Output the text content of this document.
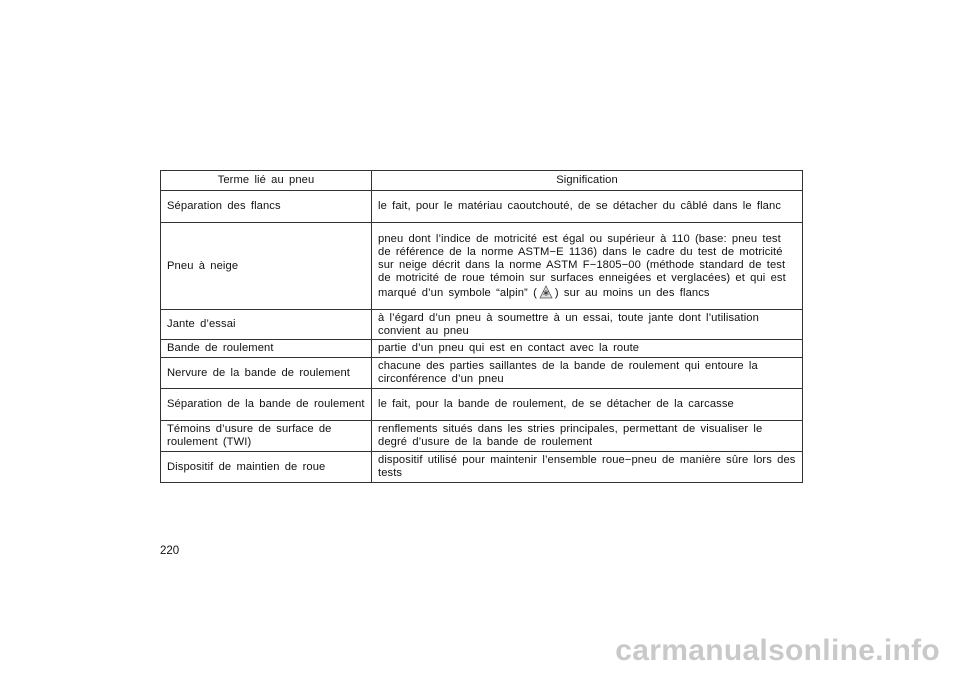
Terme lié au pneu	Signification
Séparation des flancs	le fait, pour le matériau caoutchouté, de se détacher du câblé dans le flanc
Pneu à neige	pneu dont l’indice de motricité est égal ou supérieur à 110 (base: pneu test de référence de la norme ASTM−E 1136) dans le cadre du test de motricité sur neige décrit dans la norme ASTM F−1805−00 (méthode standard de test de motricité de roue témoin sur surfaces enneigées et verglacées) et qui est marqué d’un symbole “alpin” ( ) sur au moins un des flancs
Jante d’essai	à l’égard d’un pneu à soumettre à un essai, toute jante dont l’utilisation convient au pneu
Bande de roulement	partie d’un pneu qui est en contact avec la route
Nervure de la bande de roulement	chacune des parties saillantes de la bande de roulement qui entoure la circonférence d’un pneu
Séparation de la bande de roulement	le fait, pour la bande de roulement, de se détacher de la carcasse
Témoins d’usure de surface de roulement (TWI)	renflements situés dans les stries principales, permettant de visualiser le degré d’usure de la bande de roulement
Dispositif de maintien de roue	dispositif utilisé pour maintenir l’ensemble roue−pneu de manière sûre lors des tests
220
carmanualsonline.info
